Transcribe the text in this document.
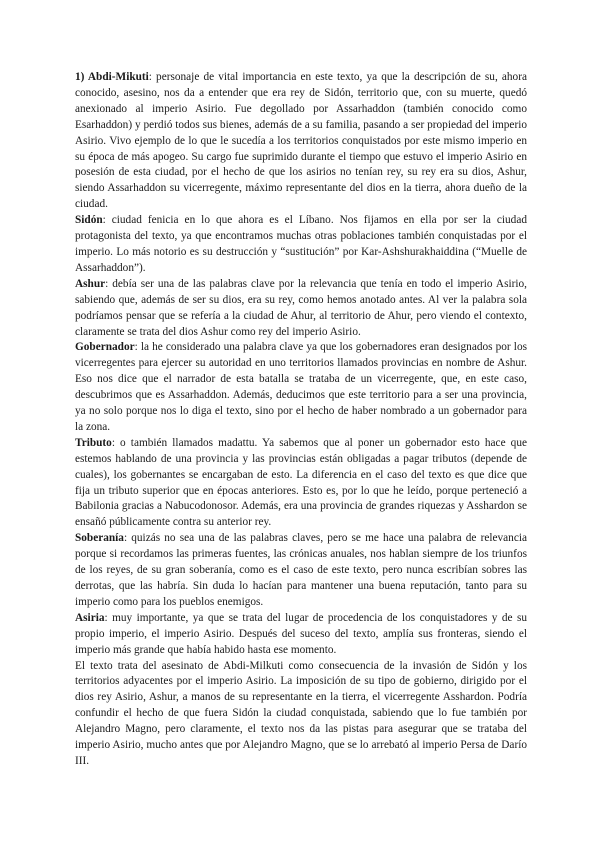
1) Abdi-Mikuti: personaje de vital importancia en este texto, ya que la descripción de su, ahora conocido, asesino, nos da a entender que era rey de Sidón, territorio que, con su muerte, quedó anexionado al imperio Asirio. Fue degollado por Assarhaddon (también conocido como Esarhaddon) y perdió todos sus bienes, además de a su familia, pasando a ser propiedad del imperio Asirio. Vivo ejemplo de lo que le sucedía a los territorios conquistados por este mismo imperio en su época de más apogeo. Su cargo fue suprimido durante el tiempo que estuvo el imperio Asirio en posesión de esta ciudad, por el hecho de que los asirios no tenían rey, su rey era su dios, Ashur, siendo Assarhaddon su vicerregente, máximo representante del dios en la tierra, ahora dueño de la ciudad.

Sidón: ciudad fenicia en lo que ahora es el Líbano. Nos fijamos en ella por ser la ciudad protagonista del texto, ya que encontramos muchas otras poblaciones también conquistadas por el imperio. Lo más notorio es su destrucción y “sustitución” por Kar-Ashshurakhaiddina (“Muelle de Assarhaddon”).

Ashur: debía ser una de las palabras clave por la relevancia que tenía en todo el imperio Asirio, sabiendo que, además de ser su dios, era su rey, como hemos anotado antes. Al ver la palabra sola podríamos pensar que se refería a la ciudad de Ahur, al territorio de Ahur, pero viendo el contexto, claramente se trata del dios Ashur como rey del imperio Asirio.

Gobernador: la he considerado una palabra clave ya que los gobernadores eran designados por los vicerregentes para ejercer su autoridad en uno territorios llamados provincias en nombre de Ashur. Eso nos dice que el narrador de esta batalla se trataba de un vicerregente, que, en este caso, descubrimos que es Assarhaddon. Además, deducimos que este territorio para a ser una provincia, ya no solo porque nos lo diga el texto, sino por el hecho de haber nombrado a un gobernador para la zona.

Tributo: o también llamados madattu. Ya sabemos que al poner un gobernador esto hace que estemos hablando de una provincia y las provincias están obligadas a pagar tributos (depende de cuales), los gobernantes se encargaban de esto. La diferencia en el caso del texto es que dice que fija un tributo superior que en épocas anteriores. Esto es, por lo que he leído, porque perteneció a Babilonia gracias a Nabucodonosor. Además, era una provincia de grandes riquezas y Asshardon se ensañó públicamente contra su anterior rey.

Soberanía: quizás no sea una de las palabras claves, pero se me hace una palabra de relevancia porque si recordamos las primeras fuentes, las crónicas anuales, nos hablan siempre de los triunfos de los reyes, de su gran soberanía, como es el caso de este texto, pero nunca escribían sobres las derrotas, que las habría. Sin duda lo hacían para mantener una buena reputación, tanto para su imperio como para los pueblos enemigos.

Asiria: muy importante, ya que se trata del lugar de procedencia de los conquistadores y de su propio imperio, el imperio Asirio. Después del suceso del texto, amplía sus fronteras, siendo el imperio más grande que había habido hasta ese momento.

El texto trata del asesinato de Abdi-Milkuti como consecuencia de la invasión de Sidón y los territorios adyacentes por el imperio Asirio. La imposición de su tipo de gobierno, dirigido por el dios rey Asirio, Ashur, a manos de su representante en la tierra, el vicerregente Asshardon. Podría confundir el hecho de que fuera Sidón la ciudad conquistada, sabiendo que lo fue también por Alejandro Magno, pero claramente, el texto nos da las pistas para asegurar que se trataba del imperio Asirio, mucho antes que por Alejandro Magno, que se lo arrebató al imperio Persa de Darío III.
